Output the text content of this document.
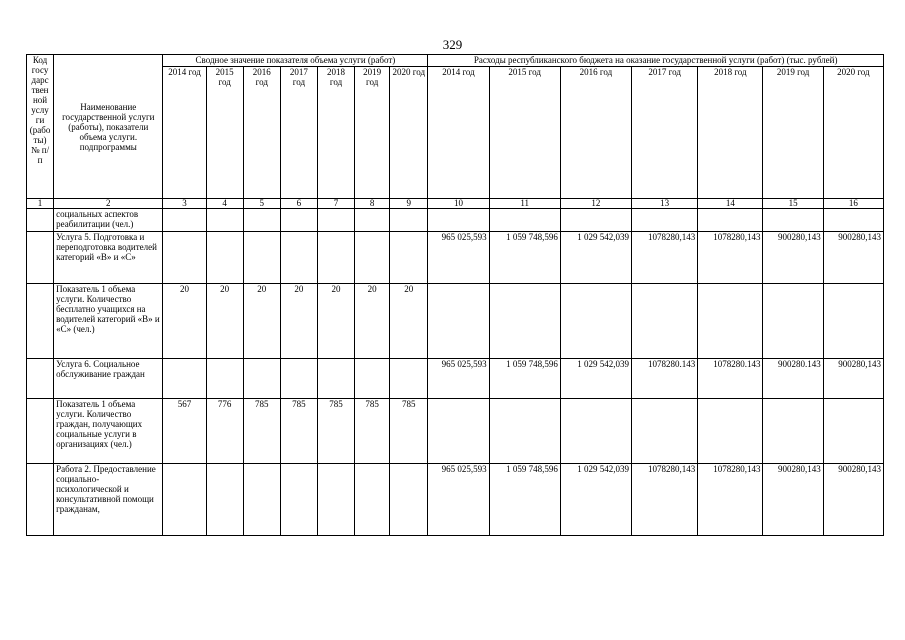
329
Код госу дарс твен ной услу ги (рабо ты) № п/п	Наименование государственной услуги (работы), показатели объема услуги. подпрограммы	Сводное значение показателя объема услуги (работ)							Расходы республиканского бюджета на оказание государственной услуги (работ) (тыс. рублей)						
		2014 год	2015 год	2016 год	2017 год	2018 год	2019 год	2020 год	2014 год	2015 год	2016 год	2017 год	2018 год	2019 год	2020 год
1	2	3	4	5	6	7	8	9	10	11	12	13	14	15	16
	социальных аспектов реабилитации (чел.)														
	Услуга 5. Подготовка и переподготовка водителей категорий «В» и «С»								965 025,593	1 059 748,596	1 029 542,039	1078280,143	1078280,143	900280,143	900280,143
	Показатель 1 объема услуги. Количество бесплатно учащихся на водителей категорий «В» и «С» (чел.)	20	20	20	20	20	20	20							
	Услуга 6. Социальное обслуживание граждан								965 025,593	1 059 748,596	1 029 542,039	1078280.143	1078280.143	900280.143	900280,143
	Показатель 1 объема услуги. Количество граждан, получающих социальные услуги в организациях (чел.)	567	776	785	785	785	785	785							
	Работа 2. Предоставление социально-психологической и консультативной помощи гражданам,								965 025,593	1 059 748,596	1 029 542,039	1078280,143	1078280,143	900280,143	900280,143
